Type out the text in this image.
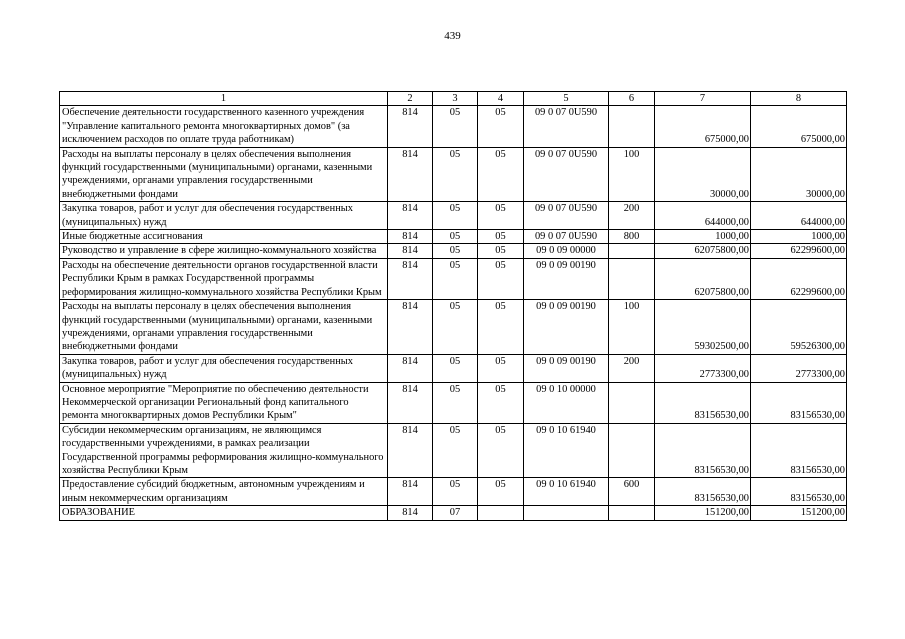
439
1	2	3	4	5	6	7	8
Обеспечение деятельности государственного казенного учреждения "Управление капитального ремонта многоквартирных домов" (за исключением расходов по оплате труда работникам)	814	05	05	09 0 07 0U590		675000,00	675000,00
Расходы на выплаты персоналу в целях обеспечения выполнения функций государственными (муниципальными) органами, казенными учреждениями, органами управления государственными внебюджетными фондами	814	05	05	09 0 07 0U590	100	30000,00	30000,00
Закупка товаров, работ и услуг для обеспечения государственных (муниципальных) нужд	814	05	05	09 0 07 0U590	200	644000,00	644000,00
Иные бюджетные ассигнования	814	05	05	09 0 07 0U590	800	1000,00	1000,00
Руководство и управление в сфере жилищно-коммунального хозяйства	814	05	05	09 0 09 00000		62075800,00	62299600,00
Расходы на обеспечение деятельности органов государственной власти Республики Крым в рамках Государственной программы реформирования жилищно-коммунального хозяйства Республики Крым	814	05	05	09 0 09 00190		62075800,00	62299600,00
Расходы на выплаты персоналу в целях обеспечения выполнения функций государственными (муниципальными) органами, казенными учреждениями, органами управления государственными внебюджетными фондами	814	05	05	09 0 09 00190	100	59302500,00	59526300,00
Закупка товаров, работ и услуг для обеспечения государственных (муниципальных) нужд	814	05	05	09 0 09 00190	200	2773300,00	2773300,00
Основное мероприятие "Мероприятие по обеспечению деятельности Некоммерческой организации Региональный фонд капитального ремонта многоквартирных домов Республики Крым"	814	05	05	09 0 10 00000		83156530,00	83156530,00
Субсидии некоммерческим организациям, не являющимся государственными учреждениями, в рамках реализации Государственной программы реформирования жилищно-коммунального хозяйства Республики Крым	814	05	05	09 0 10 61940		83156530,00	83156530,00
Предоставление субсидий бюджетным, автономным учреждениям и иным некоммерческим организациям	814	05	05	09 0 10 61940	600	83156530,00	83156530,00
ОБРАЗОВАНИЕ	814	07				151200,00	151200,00
